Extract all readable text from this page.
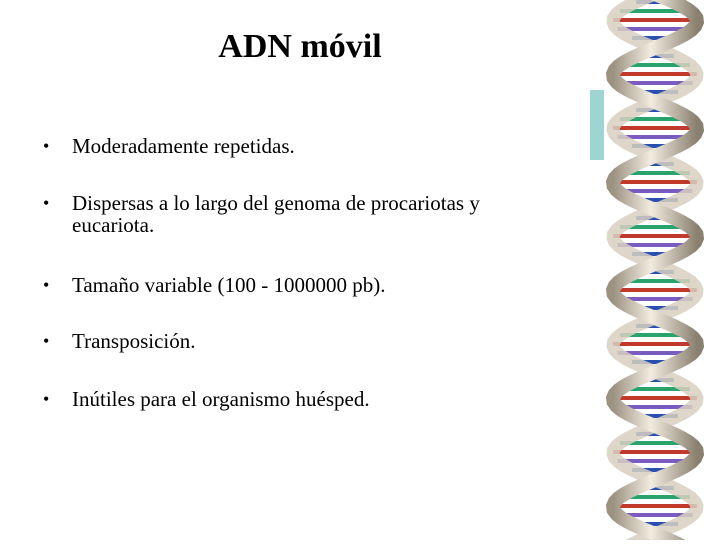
ADN móvil
• Moderadamente repetidas.
• Dispersas a lo largo del genoma de procariotas y eucariota.
• Tamaño variable (100 - 1000000 pb).
• Transposición.
• Inútiles para el organismo huésped.
